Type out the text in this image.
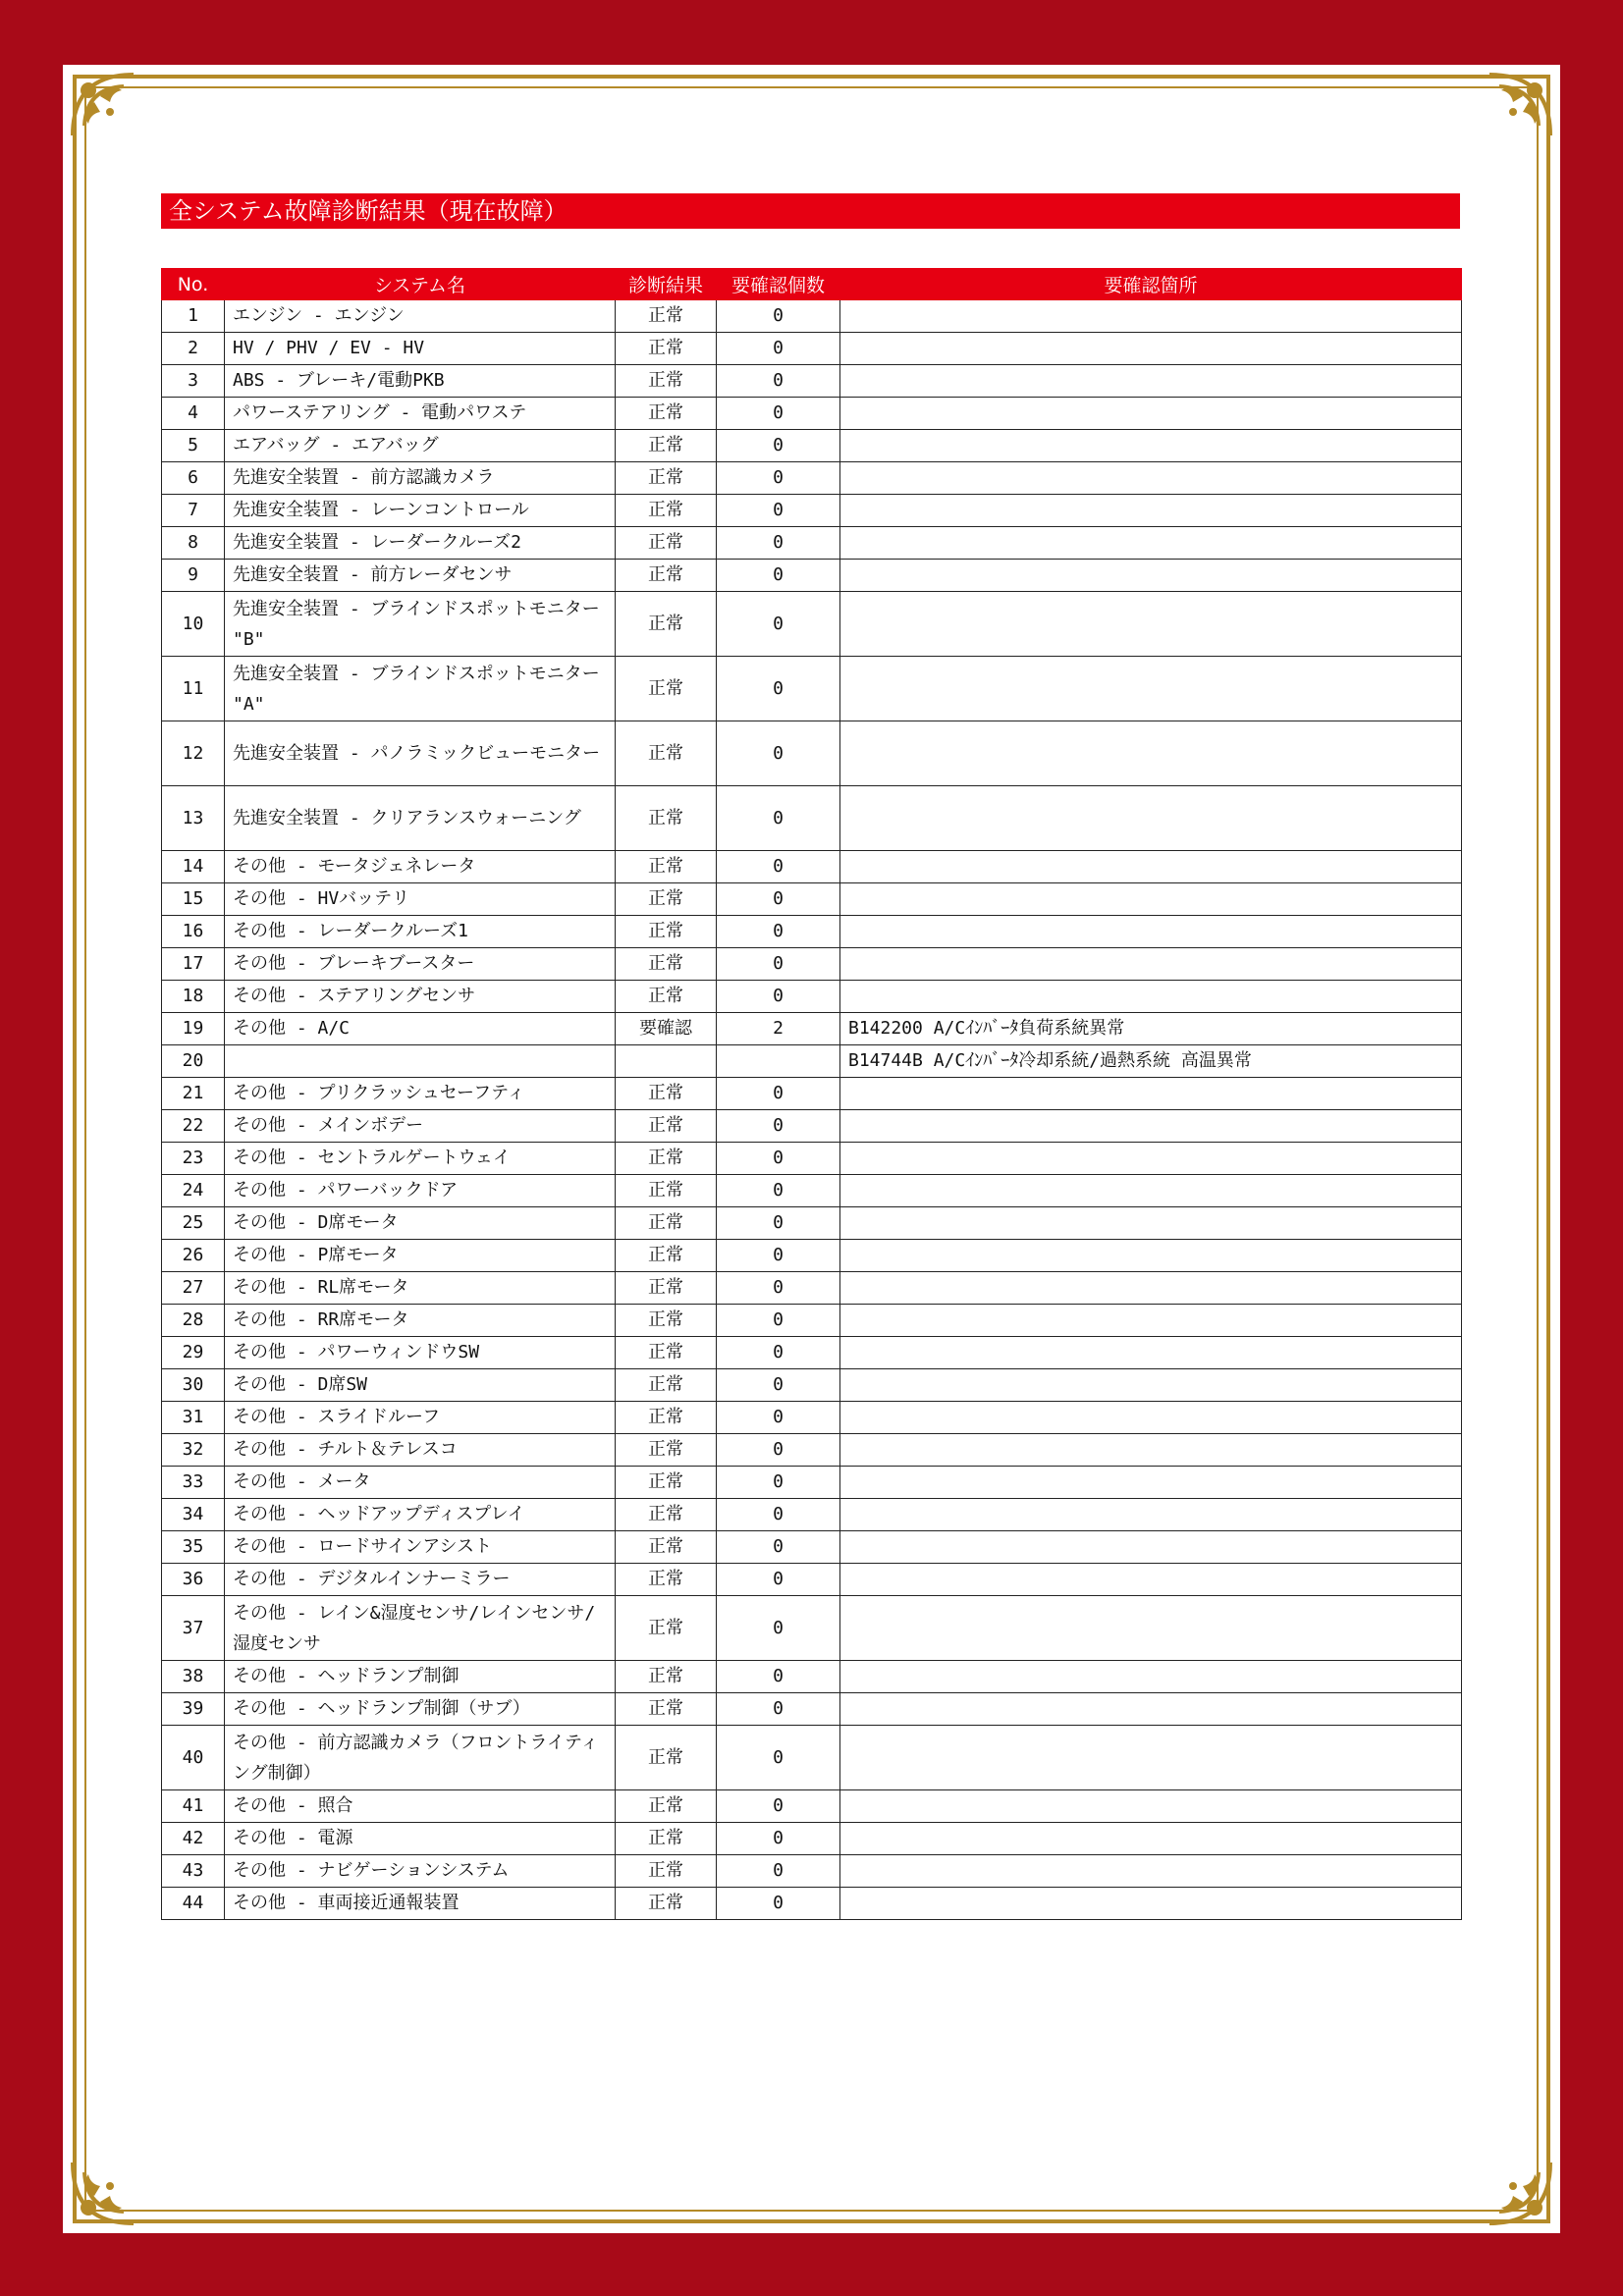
全システム故障診断結果（現在故障）
No.	システム名	診断結果	要確認個数	要確認箇所
1	エンジン - エンジン	正常	0	
2	HV / PHV / EV - HV	正常	0	
3	ABS - ブレーキ/電動PKB	正常	0	
4	パワーステアリング - 電動パワステ	正常	0	
5	エアバッグ - エアバッグ	正常	0	
6	先進安全装置 - 前方認識カメラ	正常	0	
7	先進安全装置 - レーンコントロール	正常	0	
8	先進安全装置 - レーダークルーズ2	正常	0	
9	先進安全装置 - 前方レーダセンサ	正常	0	
10	先進安全装置 - ブラインドスポットモニター "B"	正常	0	
11	先進安全装置 - ブラインドスポットモニター "A"	正常	0	
12	先進安全装置 - パノラミックビューモニター	正常	0	
13	先進安全装置 - クリアランスウォーニング	正常	0	
14	その他 - モータジェネレータ	正常	0	
15	その他 - HVバッテリ	正常	0	
16	その他 - レーダークルーズ1	正常	0	
17	その他 - ブレーキブースター	正常	0	
18	その他 - ステアリングセンサ	正常	0	
19	その他 - A/C	要確認	2	B142200 A/Cｲﾝﾊﾞｰﾀ負荷系統異常
20				B14744B A/Cｲﾝﾊﾞｰﾀ冷却系統/過熱系統 高温異常
21	その他 - プリクラッシュセーフティ	正常	0	
22	その他 - メインボデー	正常	0	
23	その他 - セントラルゲートウェイ	正常	0	
24	その他 - パワーバックドア	正常	0	
25	その他 - D席モータ	正常	0	
26	その他 - P席モータ	正常	0	
27	その他 - RL席モータ	正常	0	
28	その他 - RR席モータ	正常	0	
29	その他 - パワーウィンドウSW	正常	0	
30	その他 - D席SW	正常	0	
31	その他 - スライドルーフ	正常	0	
32	その他 - チルト＆テレスコ	正常	0	
33	その他 - メータ	正常	0	
34	その他 - ヘッドアップディスプレイ	正常	0	
35	その他 - ロードサインアシスト	正常	0	
36	その他 - デジタルインナーミラー	正常	0	
37	その他 - レイン&湿度センサ/レインセンサ/湿度センサ	正常	0	
38	その他 - ヘッドランプ制御	正常	0	
39	その他 - ヘッドランプ制御（サブ）	正常	0	
40	その他 - 前方認識カメラ（フロントライティング制御）	正常	0	
41	その他 - 照合	正常	0	
42	その他 - 電源	正常	0	
43	その他 - ナビゲーションシステム	正常	0	
44	その他 - 車両接近通報装置	正常	0	
